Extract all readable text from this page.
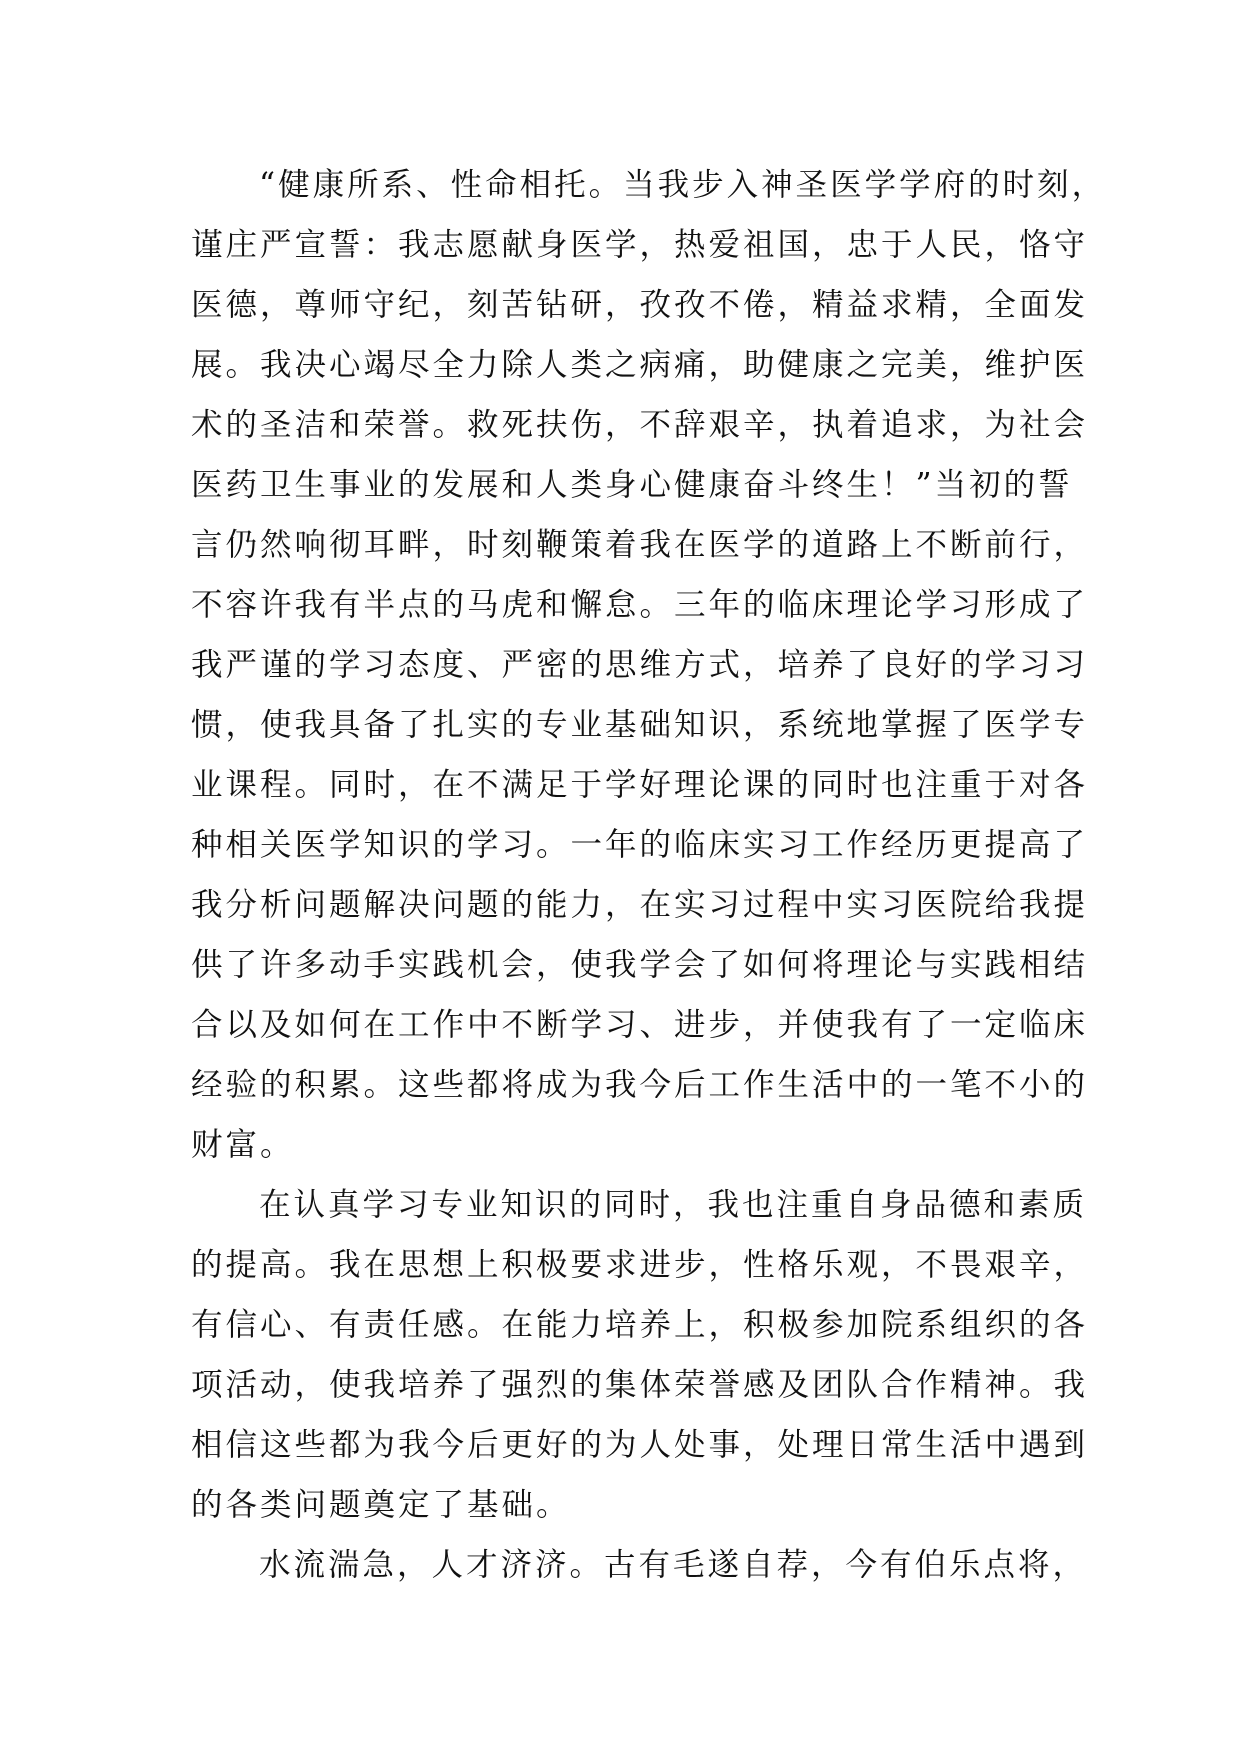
“健康所系、性命相托。当我步入神圣医学学府的时刻，
谨庄严宣誓：我志愿献身医学，热爱祖国，忠于人民，恪守
医德，尊师守纪，刻苦钻研，孜孜不倦，精益求精，全面发
展。我决心竭尽全力除人类之病痛，助健康之完美，维护医
术的圣洁和荣誉。救死扶伤，不辞艰辛，执着追求，为社会
医药卫生事业的发展和人类身心健康奋斗终生！”当初的誓
言仍然响彻耳畔，时刻鞭策着我在医学的道路上不断前行，
不容许我有半点的马虎和懈怠。三年的临床理论学习形成了
我严谨的学习态度、严密的思维方式，培养了良好的学习习
惯，使我具备了扎实的专业基础知识，系统地掌握了医学专
业课程。同时，在不满足于学好理论课的同时也注重于对各
种相关医学知识的学习。一年的临床实习工作经历更提高了
我分析问题解决问题的能力，在实习过程中实习医院给我提
供了许多动手实践机会，使我学会了如何将理论与实践相结
合以及如何在工作中不断学习、进步，并使我有了一定临床
经验的积累。这些都将成为我今后工作生活中的一笔不小的
财富。
在认真学习专业知识的同时，我也注重自身品德和素质
的提高。我在思想上积极要求进步，性格乐观，不畏艰辛，
有信心、有责任感。在能力培养上，积极参加院系组织的各
项活动，使我培养了强烈的集体荣誉感及团队合作精神。我
相信这些都为我今后更好的为人处事，处理日常生活中遇到
的各类问题奠定了基础。
水流湍急，人才济济。古有毛遂自荐，今有伯乐点将，
